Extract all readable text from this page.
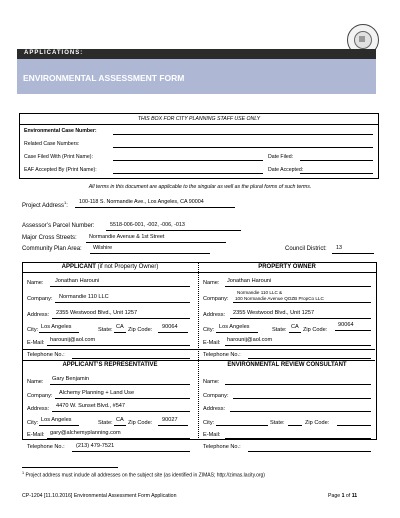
APPLICATIONS:
ENVIRONMENTAL ASSESSMENT FORM
THIS BOX FOR CITY PLANNING STAFF USE ONLY
Environmental Case Number:
Related Case Numbers:
Case Filed With (Print Name):	Date Filed:
EAF Accepted By (Print Name):	Date Accepted:
All terms in this document are applicable to the singular as well as the plural forms of such terms.
Project Address$^1$:
100-118 S. Normandie Ave., Los Angeles, CA 90004
Assessor’s Parcel Number:	5518-006-001, -002, -006, -013
Major Cross Streets: Normandie Avenue & 1st Street
Community Plan Area: Wilshire	Council District: 13
APPLICANT (if not Property Owner)
Name: Jonathan Harouni
Company: Normandie 110 LLC
Address: 2355 Westwood Blvd., Unit 1257
City: Los Angeles	State: CA Zip Code: 90064
E-Mail: harounij@aol.com
Telephone No.:
PROPERTY OWNER
Name: Jonathan Harouni
Company:
Normandie 110 LLC &
100 Normandie Avenue QOZB PropCo LLC
Address: 2355 Westwood Blvd., Unit 1257
City: Los Angeles	State: CA Zip Code:
90064
E-Mail: harounij@aol.com
Telephone No.:
APPLICANT’S REPRESENTATIVE
Name: Gary Benjamin
Company: Alchemy Planning + Land Use
Address: 4470 W. Sunset Blvd., #547
City: Los Angeles	State: CA Zip Code: 90027
E-Mail: gary@alchemyplanning.com
Telephone No.: (213) 479-7521
ENVIRONMENTAL REVIEW CONSULTANT
Name:
Company:
Address:
City:	State:	Zip Code:
E-Mail:
Telephone No.:
$^1$ Project address must include all addresses on the subject site (as identified in ZIMAS; http://zimas.lacity.org)
CP-1204 [11.10.2016] Environmental Assessment Form Application	Page 1 of 11
